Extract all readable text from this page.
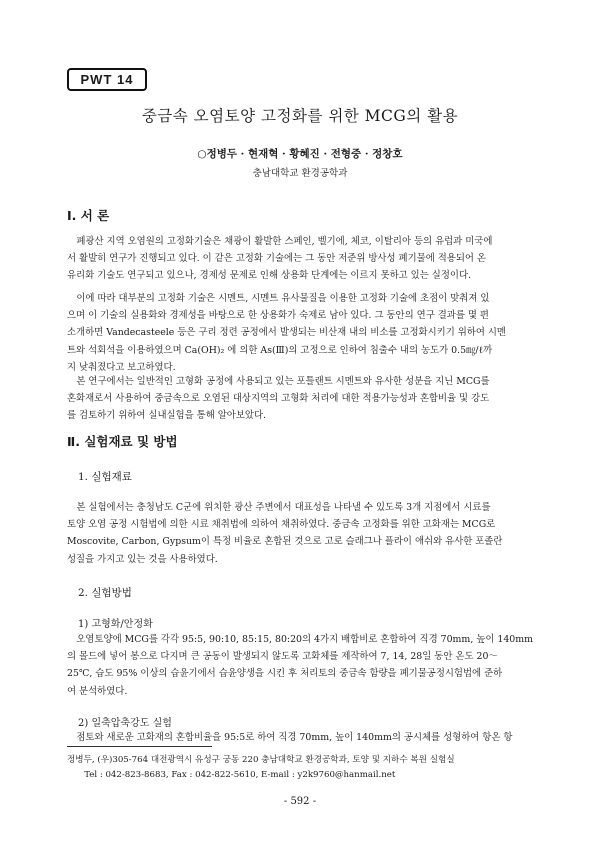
PWT 14
중금속 오염토양 고정화를 위한 MCG의 활용
○정병두 · 현재혁 · 황혜진 · 전형중 · 정창호
충남대학교 환경공학과
Ⅰ. 서 론
　폐광산 지역 오염원의 고정화기술은 채광이 활발한 스페인, 벨기에, 체코, 이탈리아 등의 유럽과 미국에
서 활발히 연구가 진행되고 있다. 이 같은 고정화 기술에는 그 동안 저준위 방사성 폐기물에 적용되어 온
유리화 기술도 연구되고 있으나, 경제성 문제로 인해 상용화 단계에는 이르지 못하고 있는 실정이다.
　이에 따라 대부분의 고정화 기술은 시멘트, 시멘트 유사물질을 이용한 고정화 기술에 초점이 맞춰져 있
으며 이 기술의 실용화와 경제성을 바탕으로 한 상용화가 숙제로 남아 있다. 그 동안의 연구 결과를 몇 편
소개하면 Vandecasteele 등은 구리 정련 공정에서 발생되는 비산재 내의 비소를 고정화시키기 위하여 시멘
트와 석회석을 이용하였으며 Ca(OH)₂ 에 의한 As(Ⅲ)의 고정으로 인하여 침출수 내의 농도가 0.5㎎/ℓ까
지 낮춰졌다고 보고하였다.
　본 연구에서는 일반적인 고형화 공정에 사용되고 있는 포틀랜트 시멘트와 유사한 성분을 지닌 MCG를
혼화재로서 사용하여 중금속으로 오염된 대상지역의 고형화 처리에 대한 적용가능성과 혼합비율 및 강도
를 검토하기 위하여 실내실험을 통해 알아보았다.
Ⅱ. 실험재료 및 방법
1. 실험재료
　본 실험에서는 충청남도 C군에 위치한 광산 주변에서 대표성을 나타낼 수 있도록 3개 지점에서 시료를
토양 오염 공정 시험법에 의한 시료 채취법에 의하여 채취하였다. 중금속 고정화를 위한 고화재는 MCG로
Moscovite, Carbon, Gypsum이 특정 비율로 혼합된 것으로 고로 슬래그나 플라이 애쉬와 유사한 포졸란
성질을 가지고 있는 것을 사용하였다.
2. 실험방법
1) 고형화/안정화
　오염토양에 MCG를 각각 95:5, 90:10, 85:15, 80:20의 4가지 배합비로 혼합하여 직경 70mm, 높이 140mm
의 몰드에 넣어 봉으로 다지며 큰 공동이 발생되지 않도록 고화체를 제작하여 7, 14, 28일 동안 온도 20～
25℃, 습도 95% 이상의 습윤기에서 습윤양생을 시킨 후 처리토의 중금속 함량을 폐기물공정시험법에 준하
여 분석하였다.
2) 일축압축강도 실험
　점토와 새로운 고화재의 혼합비율을 95:5로 하여 직경 70mm, 높이 140mm의 공시체를 성형하여 항온 항
정병두, (우)305-764 대전광역시 유성구 궁동 220 충남대학교 환경공학과, 토양 및 지하수 복원 실험실
　　Tel : 042-823-8683, Fax : 042-822-5610, E-mail : y2k9760@hanmail.net
- 592 -
